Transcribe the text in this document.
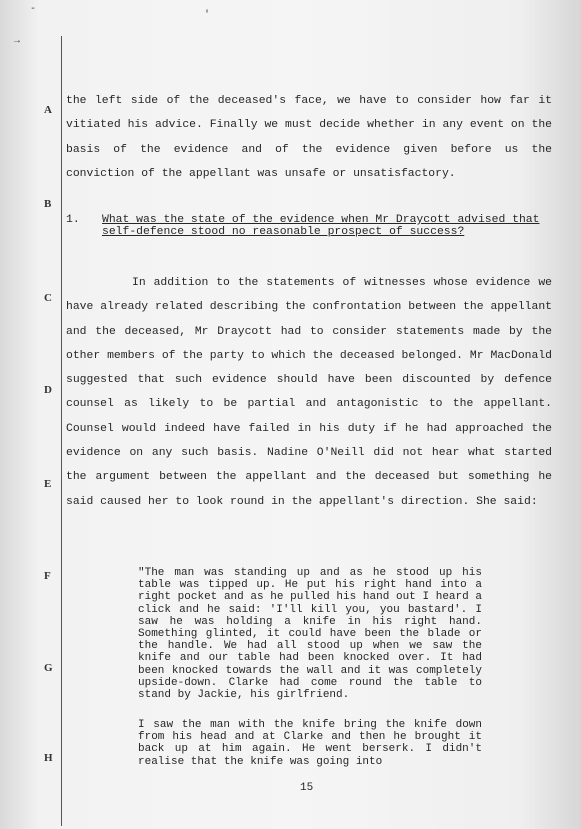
-
→
'
A
B
C
D
E
F
G
H
the left side of the deceased's face, we have to consider how far it vitiated his advice. Finally we must decide whether in any event on the basis of the evidence and of the evidence given before us the conviction of the appellant was unsafe or unsatisfactory.
1. What was the state of the evidence when Mr Draycott advised that self-defence stood no reasonable prospect of success?
In addition to the statements of witnesses whose evidence we have already related describing the confrontation between the appellant and the deceased, Mr Draycott had to consider statements made by the other members of the party to which the deceased belonged. Mr MacDonald suggested that such evidence should have been discounted by defence counsel as likely to be partial and antagonistic to the appellant. Counsel would indeed have failed in his duty if he had approached the evidence on any such basis. Nadine O'Neill did not hear what started the argument between the appellant and the deceased but something he said caused her to look round in the appellant's direction. She said:
"The man was standing up and as he stood up his table was tipped up. He put his right hand into a right pocket and as he pulled his hand out I heard a click and he said: 'I'll kill you, you bastard'. I saw he was holding a knife in his right hand. Something glinted, it could have been the blade or the handle. We had all stood up when we saw the knife and our table had been knocked over. It had been knocked towards the wall and it was completely upside-down. Clarke had come round the table to stand by Jackie, his girlfriend.
I saw the man with the knife bring the knife down from his head and at Clarke and then he brought it back up at him again. He went berserk. I didn't realise that the knife was going into
15
